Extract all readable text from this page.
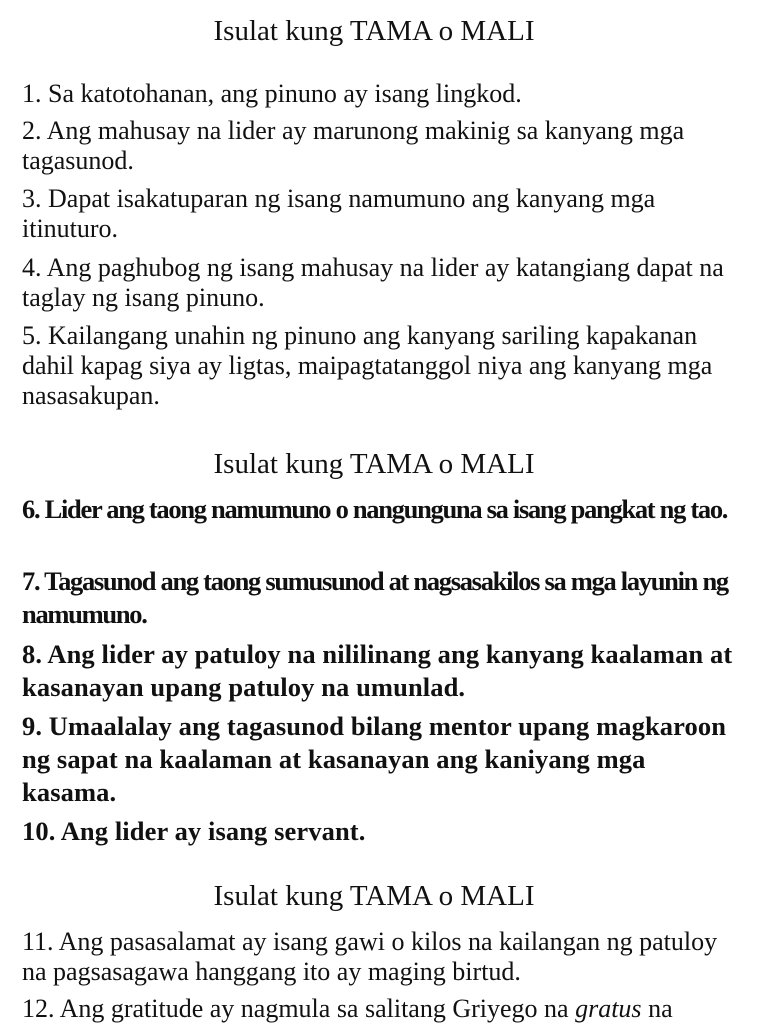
Isulat kung TAMA o MALI

1. Sa katotohanan, ang pinuno ay isang lingkod.

2. Ang mahusay na lider ay marunong makinig sa kanyang mga tagasunod.

3. Dapat isakatuparan ng isang namumuno ang kanyang mga itinuturo.

4. Ang paghubog ng isang mahusay na lider ay katangiang dapat na taglay ng isang pinuno.

5. Kailangang unahin ng pinuno ang kanyang sariling kapakanan dahil kapag siya ay ligtas, maipagtatanggol niya ang kanyang mga nasasakupan.

Isulat kung TAMA o MALI

6. Lider ang taong namumuno o nangunguna sa isang pangkat ng tao.

7. Tagasunod ang taong sumusunod at nagsasakilos sa mga layunin ng namumuno.

8. Ang lider ay patuloy na nililinang ang kanyang kaalaman at kasanayan upang patuloy na umunlad.

9. Umaalalay ang tagasunod bilang mentor upang magkaroon ng sapat na kaalaman at kasanayan ang kaniyang mga kasama.

10. Ang lider ay isang servant.

Isulat kung TAMA o MALI

11. Ang pasasalamat ay isang gawi o kilos na kailangan ng patuloy na pagsasagawa hanggang ito ay maging birtud.

12. Ang gratitude ay nagmula sa salitang Griyego na gratus na
